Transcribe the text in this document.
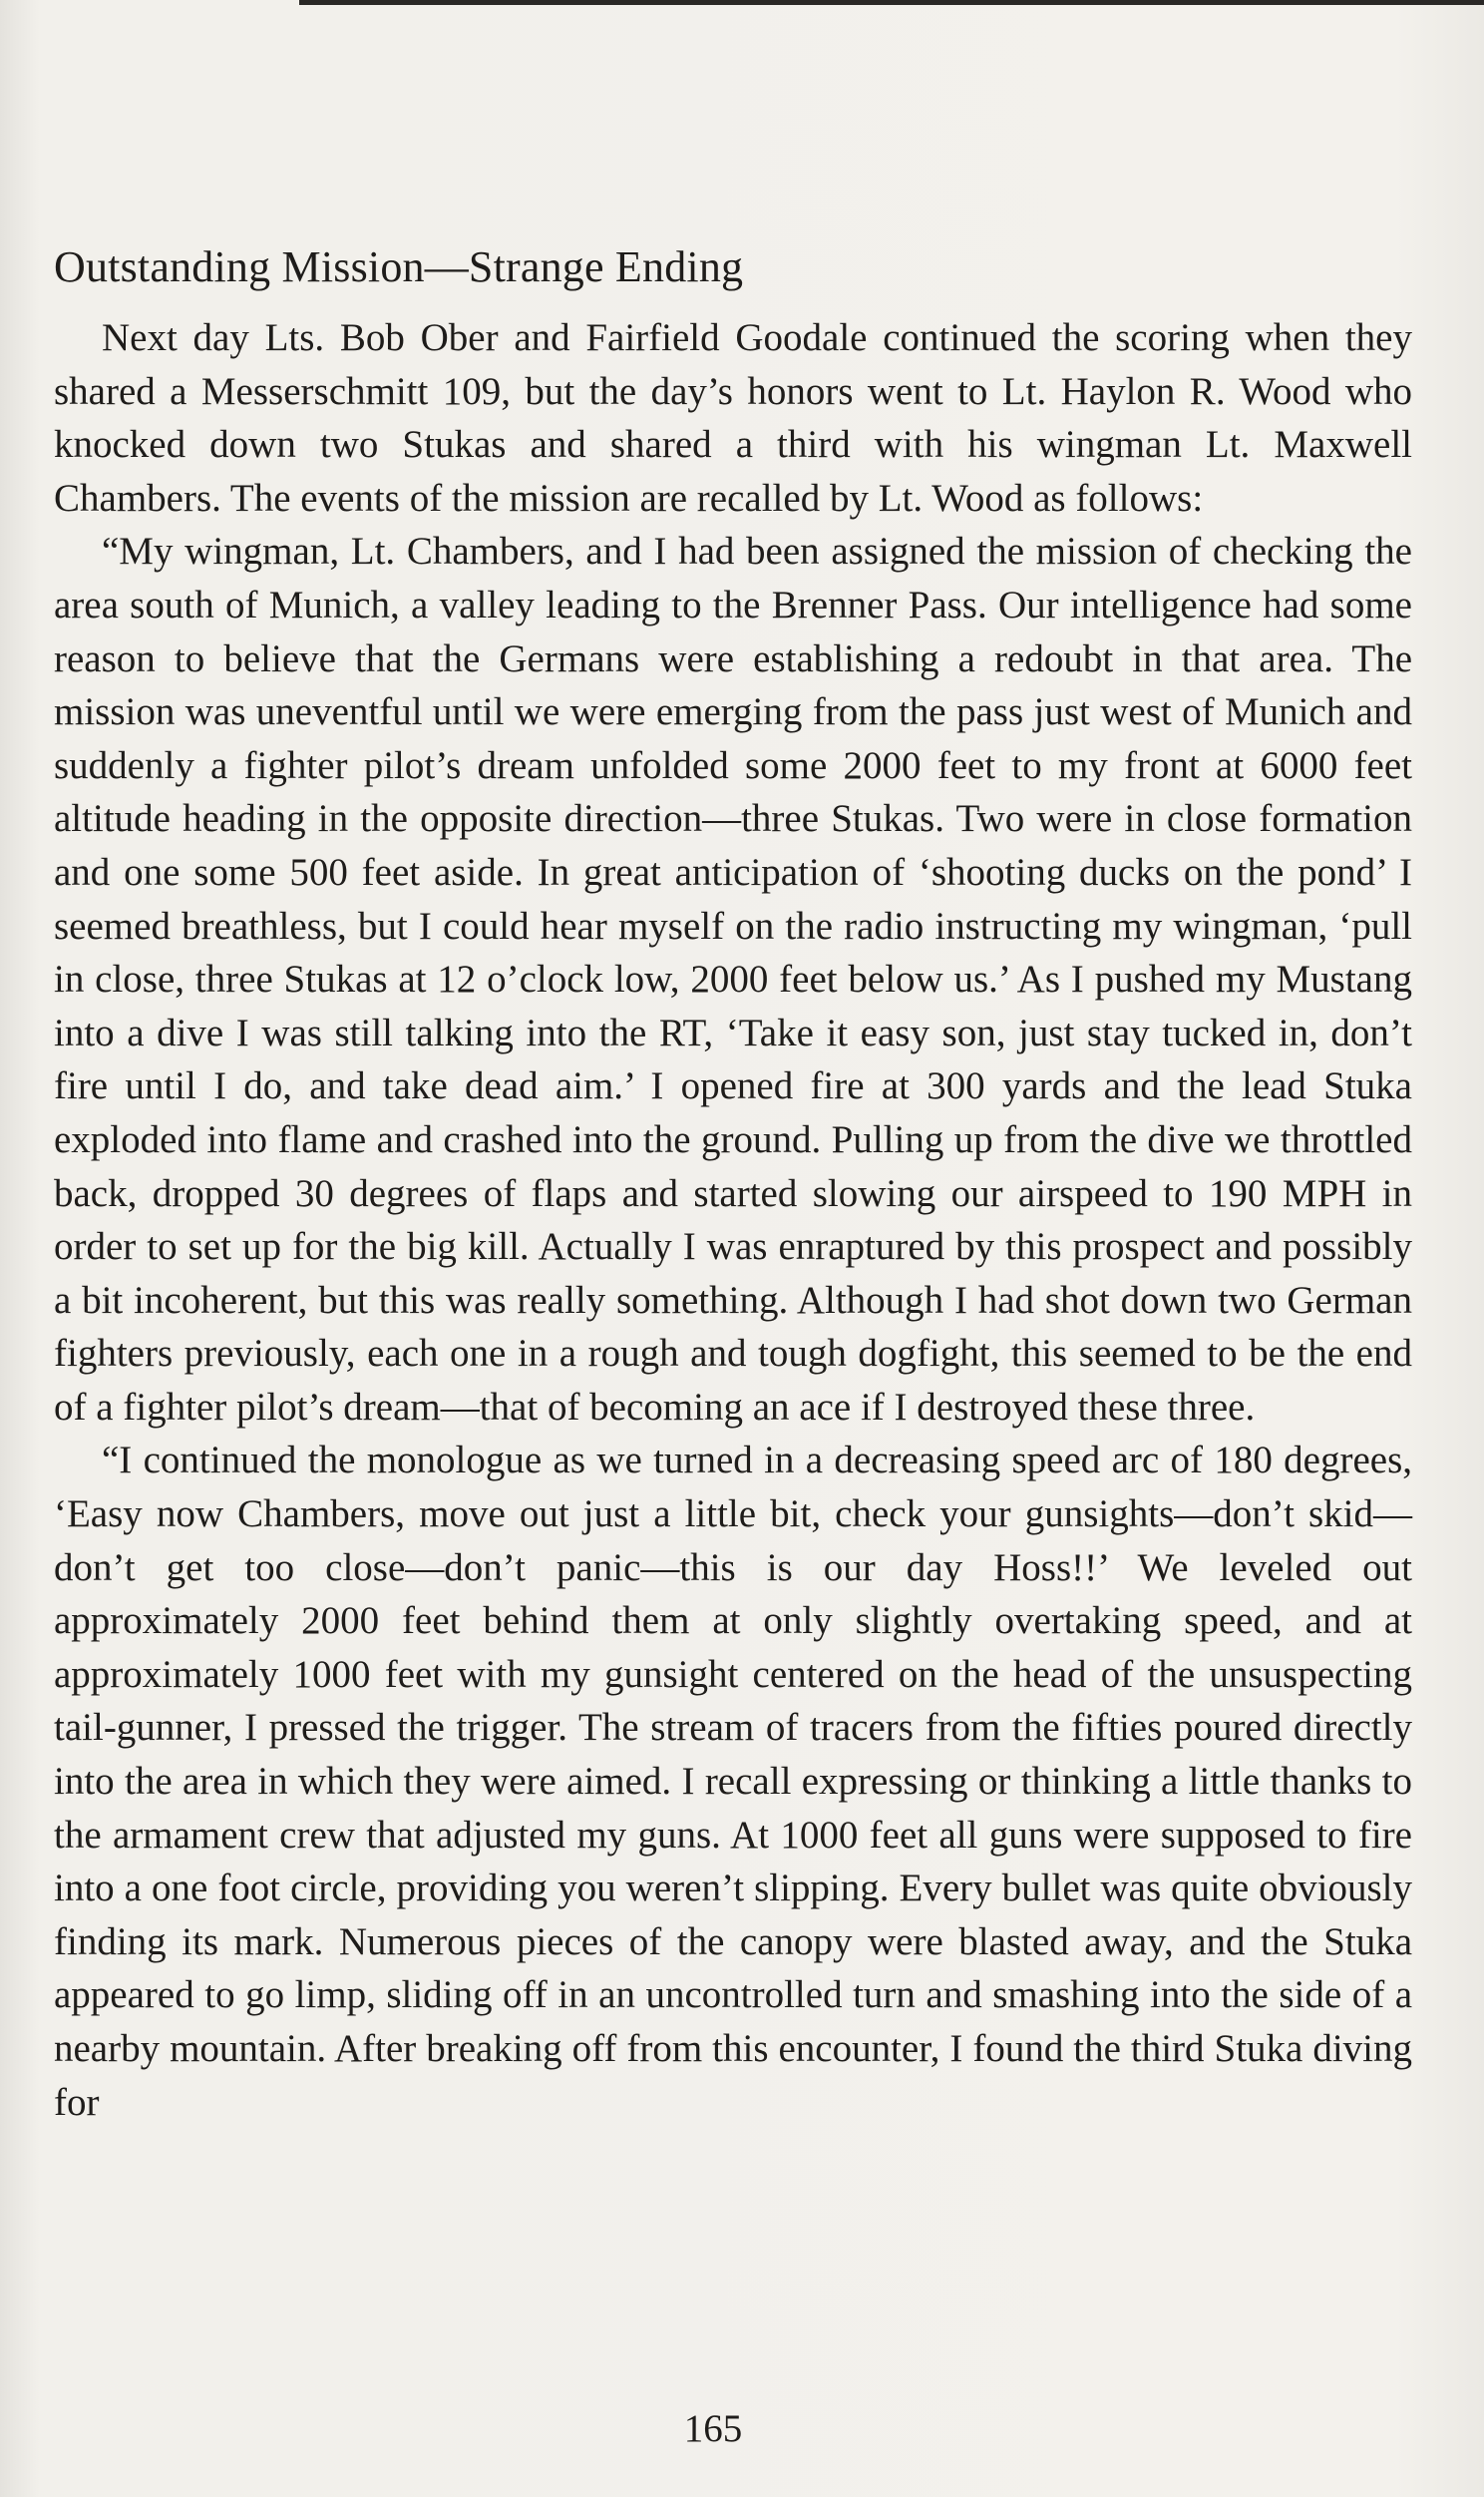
Outstanding Mission—Strange Ending

Next day Lts. Bob Ober and Fairfield Goodale continued the scoring when they shared a Messerschmitt 109, but the day’s honors went to Lt. Haylon R. Wood who knocked down two Stukas and shared a third with his wingman Lt. Maxwell Chambers. The events of the mission are recalled by Lt. Wood as follows:

“My wingman, Lt. Chambers, and I had been assigned the mission of checking the area south of Munich, a valley leading to the Brenner Pass. Our intelligence had some reason to believe that the Germans were establishing a redoubt in that area. The mission was uneventful until we were emerging from the pass just west of Munich and suddenly a fighter pilot’s dream unfolded some 2000 feet to my front at 6000 feet altitude heading in the opposite direction—three Stukas. Two were in close formation and one some 500 feet aside. In great anticipation of ‘shooting ducks on the pond’ I seemed breathless, but I could hear myself on the radio instructing my wingman, ‘pull in close, three Stukas at 12 o’clock low, 2000 feet below us.’ As I pushed my Mustang into a dive I was still talking into the RT, ‘Take it easy son, just stay tucked in, don’t fire until I do, and take dead aim.’ I opened fire at 300 yards and the lead Stuka exploded into flame and crashed into the ground. Pulling up from the dive we throttled back, dropped 30 degrees of flaps and started slowing our airspeed to 190 MPH in order to set up for the big kill. Actually I was enraptured by this prospect and possibly a bit incoherent, but this was really something. Although I had shot down two German fighters previously, each one in a rough and tough dogfight, this seemed to be the end of a fighter pilot’s dream—that of becoming an ace if I destroyed these three.

“I continued the monologue as we turned in a decreasing speed arc of 180 degrees, ‘Easy now Chambers, move out just a little bit, check your gunsights—don’t skid—don’t get too close—don’t panic—this is our day Hoss!!’ We leveled out approximately 2000 feet behind them at only slightly overtaking speed, and at approximately 1000 feet with my gunsight centered on the head of the unsuspecting tail-gunner, I pressed the trigger. The stream of tracers from the fifties poured directly into the area in which they were aimed. I recall expressing or thinking a little thanks to the armament crew that adjusted my guns. At 1000 feet all guns were supposed to fire into a one foot circle, providing you weren’t slipping. Every bullet was quite obviously finding its mark. Numerous pieces of the canopy were blasted away, and the Stuka appeared to go limp, sliding off in an uncontrolled turn and smashing into the side of a nearby mountain. After breaking off from this encounter, I found the third Stuka diving for

165
